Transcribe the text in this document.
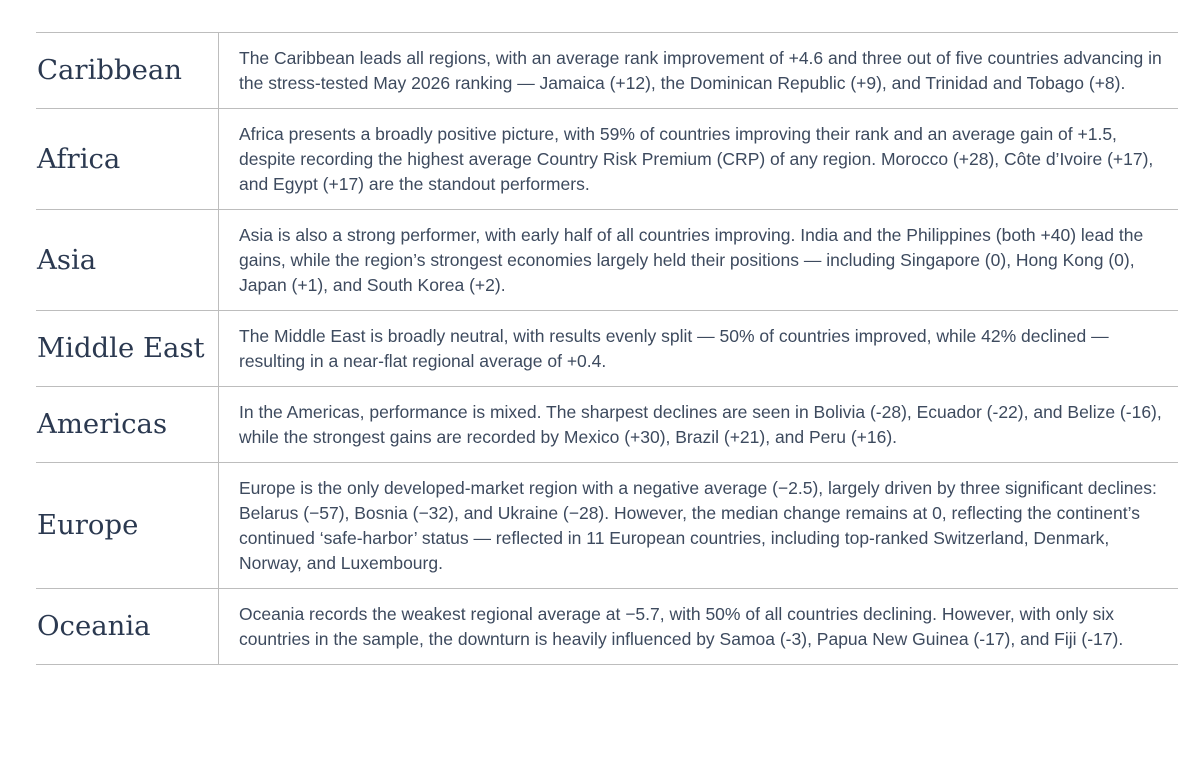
Caribbean	The Caribbean leads all regions, with an average rank improvement of +4.6 and three out of five countries advancing in the stress-tested May 2026 ranking — Jamaica (+12), the Dominican Republic (+9), and Trinidad and Tobago (+8).
Africa	Africa presents a broadly positive picture, with 59% of countries improving their rank and an average gain of +1.5, despite recording the highest average Country Risk Premium (CRP) of any region. Morocco (+28), Côte d’Ivoire (+17), and Egypt (+17) are the standout performers.
Asia	Asia is also a strong performer, with early half of all countries improving. India and the Philippines (both +40) lead the gains, while the region’s strongest economies largely held their positions — including Singapore (0), Hong Kong (0), Japan (+1), and South Korea (+2).
Middle East	The Middle East is broadly neutral, with results evenly split — 50% of countries improved, while 42% declined — resulting in a near-flat regional average of +0.4.
Americas	In the Americas, performance is mixed. The sharpest declines are seen in Bolivia (-28), Ecuador (-22), and Belize (-16), while the strongest gains are recorded by Mexico (+30), Brazil (+21), and Peru (+16).
Europe	Europe is the only developed-market region with a negative average (−2.5), largely driven by three significant declines: Belarus (−57), Bosnia (−32), and Ukraine (−28). However, the median change remains at 0, reflecting the continent’s continued ‘safe-harbor’ status — reflected in 11 European countries, including top-ranked Switzerland, Denmark, Norway, and Luxembourg.
Oceania	Oceania records the weakest regional average at −5.7, with 50% of all countries declining. However, with only six countries in the sample, the downturn is heavily influenced by Samoa (-3), Papua New Guinea (-17), and Fiji (-17).
